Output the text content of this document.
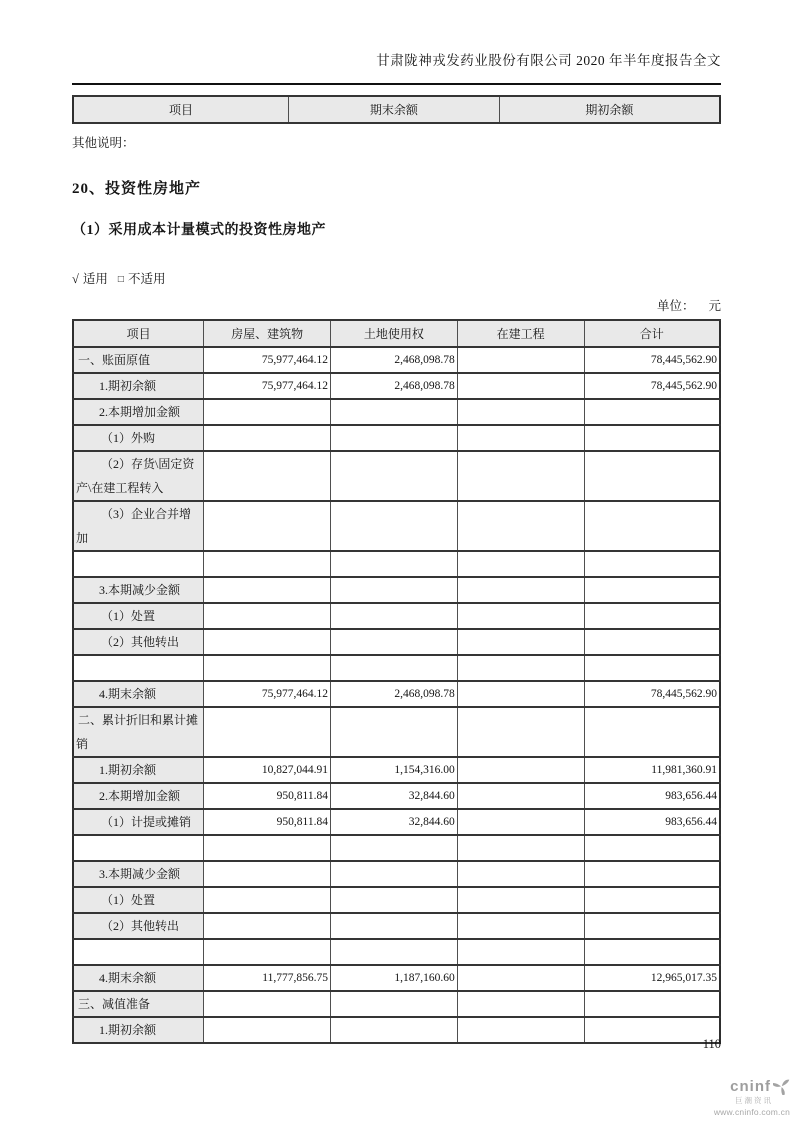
甘肃陇神戎发药业股份有限公司 2020 年半年度报告全文
项目	期末余额	期初余额
其他说明：
20、投资性房地产
（1）采用成本计量模式的投资性房地产
√ 适用 □ 不适用
单位： 元
项目	房屋、建筑物	土地使用权	在建工程	合计
一、账面原值	75,977,464.12	2,468,098.78		78,445,562.90
1.期初余额	75,977,464.12	2,468,098.78		78,445,562.90
2.本期增加金额				
（1）外购				
（2）存货\固定资产\在建工程转入				
（3）企业合并增加				

3.本期减少金额				
（1）处置				
（2）其他转出				

4.期末余额	75,977,464.12	2,468,098.78		78,445,562.90
二、累计折旧和累计摊销				
1.期初余额	10,827,044.91	1,154,316.00		11,981,360.91
2.本期增加金额	950,811.84	32,844.60		983,656.44
（1）计提或摊销	950,811.84	32,844.60		983,656.44

3.本期减少金额				
（1）处置				
（2）其他转出				

4.期末余额	11,777,856.75	1,187,160.60		12,965,017.35
三、减值准备				
1.期初余额				
110
cninf
巨潮资讯
www.cninfo.com.cn
